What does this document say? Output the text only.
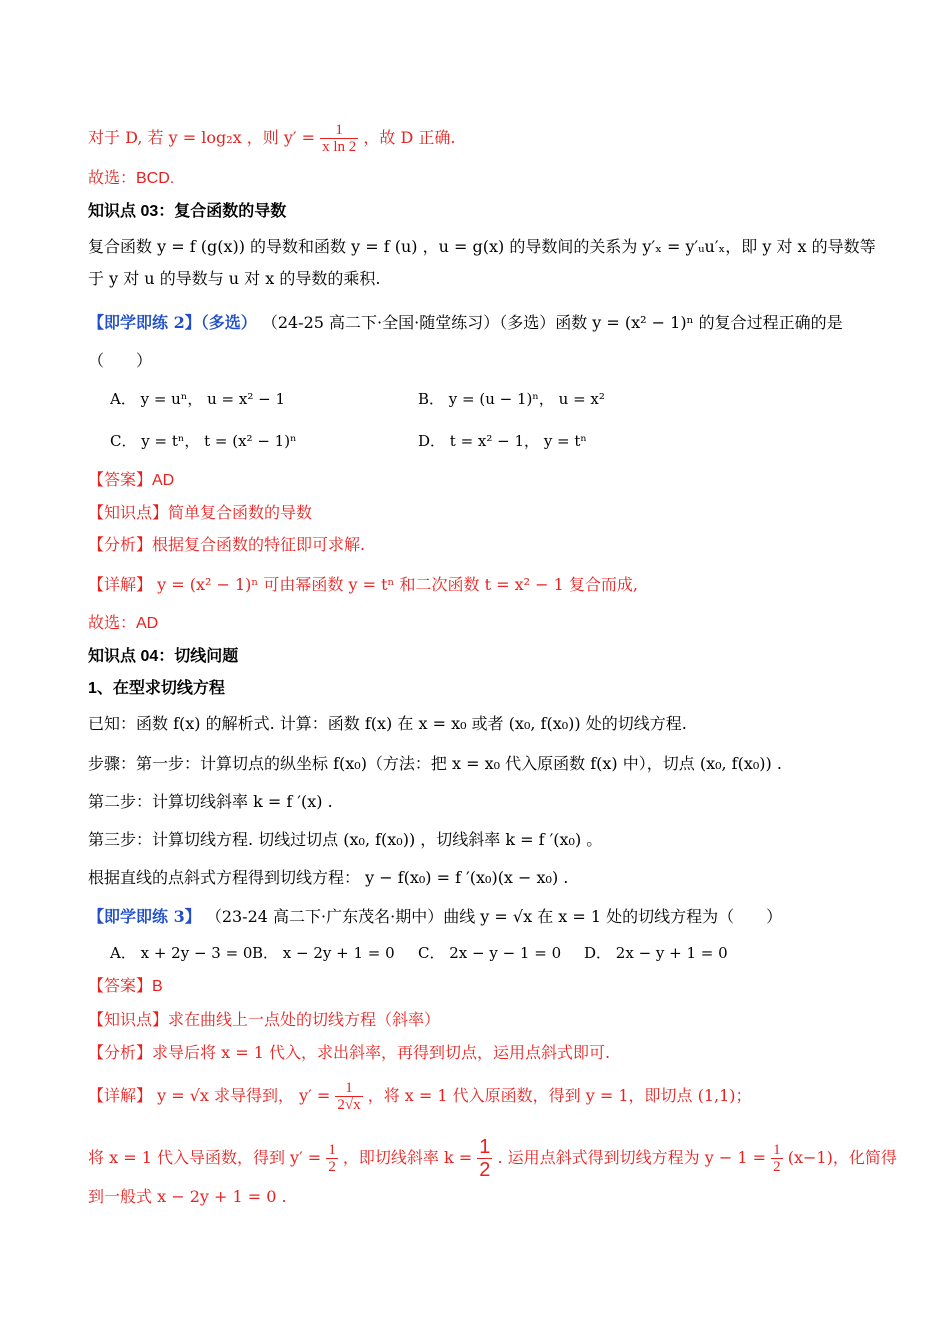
对于 D, 若 y = log₂x ，则 $y' = \frac{1}{\text{x ln 2}}$ ，故 D 正确.
故选：BCD.
知识点 03：复合函数的导数
复合函数 y = f (g(x)) 的导数和函数 y = f (u) ，u = g(x) 的导数间的关系为 y′ₓ = y′ᵤu′ₓ，即 y 对 x 的导数等
于 y 对 u 的导数与 u 对 x 的导数的乘积.
【即学即练 2】（多选） （24-25 高二下·全国·随堂练习）（多选）函数 y = (x² − 1)ⁿ 的复合过程正确的是
（　　）
A． y = uⁿ， u = x² − 1	B． y = (u − 1)ⁿ， u = x²
C． y = tⁿ， t = (x² − 1)ⁿ	D． t = x² − 1， y = tⁿ
【答案】AD
【知识点】简单复合函数的导数
【分析】根据复合函数的特征即可求解.
【详解】 y = (x² − 1)ⁿ 可由幂函数 y = tⁿ 和二次函数 t = x² − 1 复合而成,
故选：AD
知识点 04：切线问题
1、在型求切线方程
已知：函数 f(x) 的解析式. 计算：函数 f(x) 在 x = x₀ 或者 (x₀, f(x₀)) 处的切线方程.
步骤：第一步：计算切点的纵坐标 f(x₀)（方法：把 x = x₀ 代入原函数 f(x) 中），切点 (x₀, f(x₀)) .
第二步：计算切线斜率 k = f ′(x) .
第三步：计算切线方程. 切线过切点 (x₀, f(x₀)) ，切线斜率 k = f ′(x₀) 。
根据直线的点斜式方程得到切线方程： y − f(x₀) = f ′(x₀)(x − x₀) .
【即学即练 3】 （23-24 高二下·广东茂名·期中）曲线 y = √x 在 x = 1 处的切线方程为（　　）
A． x + 2y − 3 = 0 B． x − 2y + 1 = 0 C． 2x − y − 1 = 0 D． 2x − y + 1 = 0
【答案】B
【知识点】求在曲线上一点处的切线方程（斜率）
【分析】求导后将 x = 1 代入，求出斜率，再得到切点，运用点斜式即可.
【详解】 y = √x 求导得到， $y' = \frac{1}{2√x}$ ，将 x = 1 代入原函数，得到 y = 1，即切点 (1,1)；
将 x = 1 代入导函数，得到 $y' = \frac{1}{2}$ ，即切线斜率 $k = \frac{1}{2}$ . 运用点斜式得到切线方程为 $y - 1 = \frac{1}{2} (x-1)$，化简得
到一般式 x − 2y + 1 = 0 .
